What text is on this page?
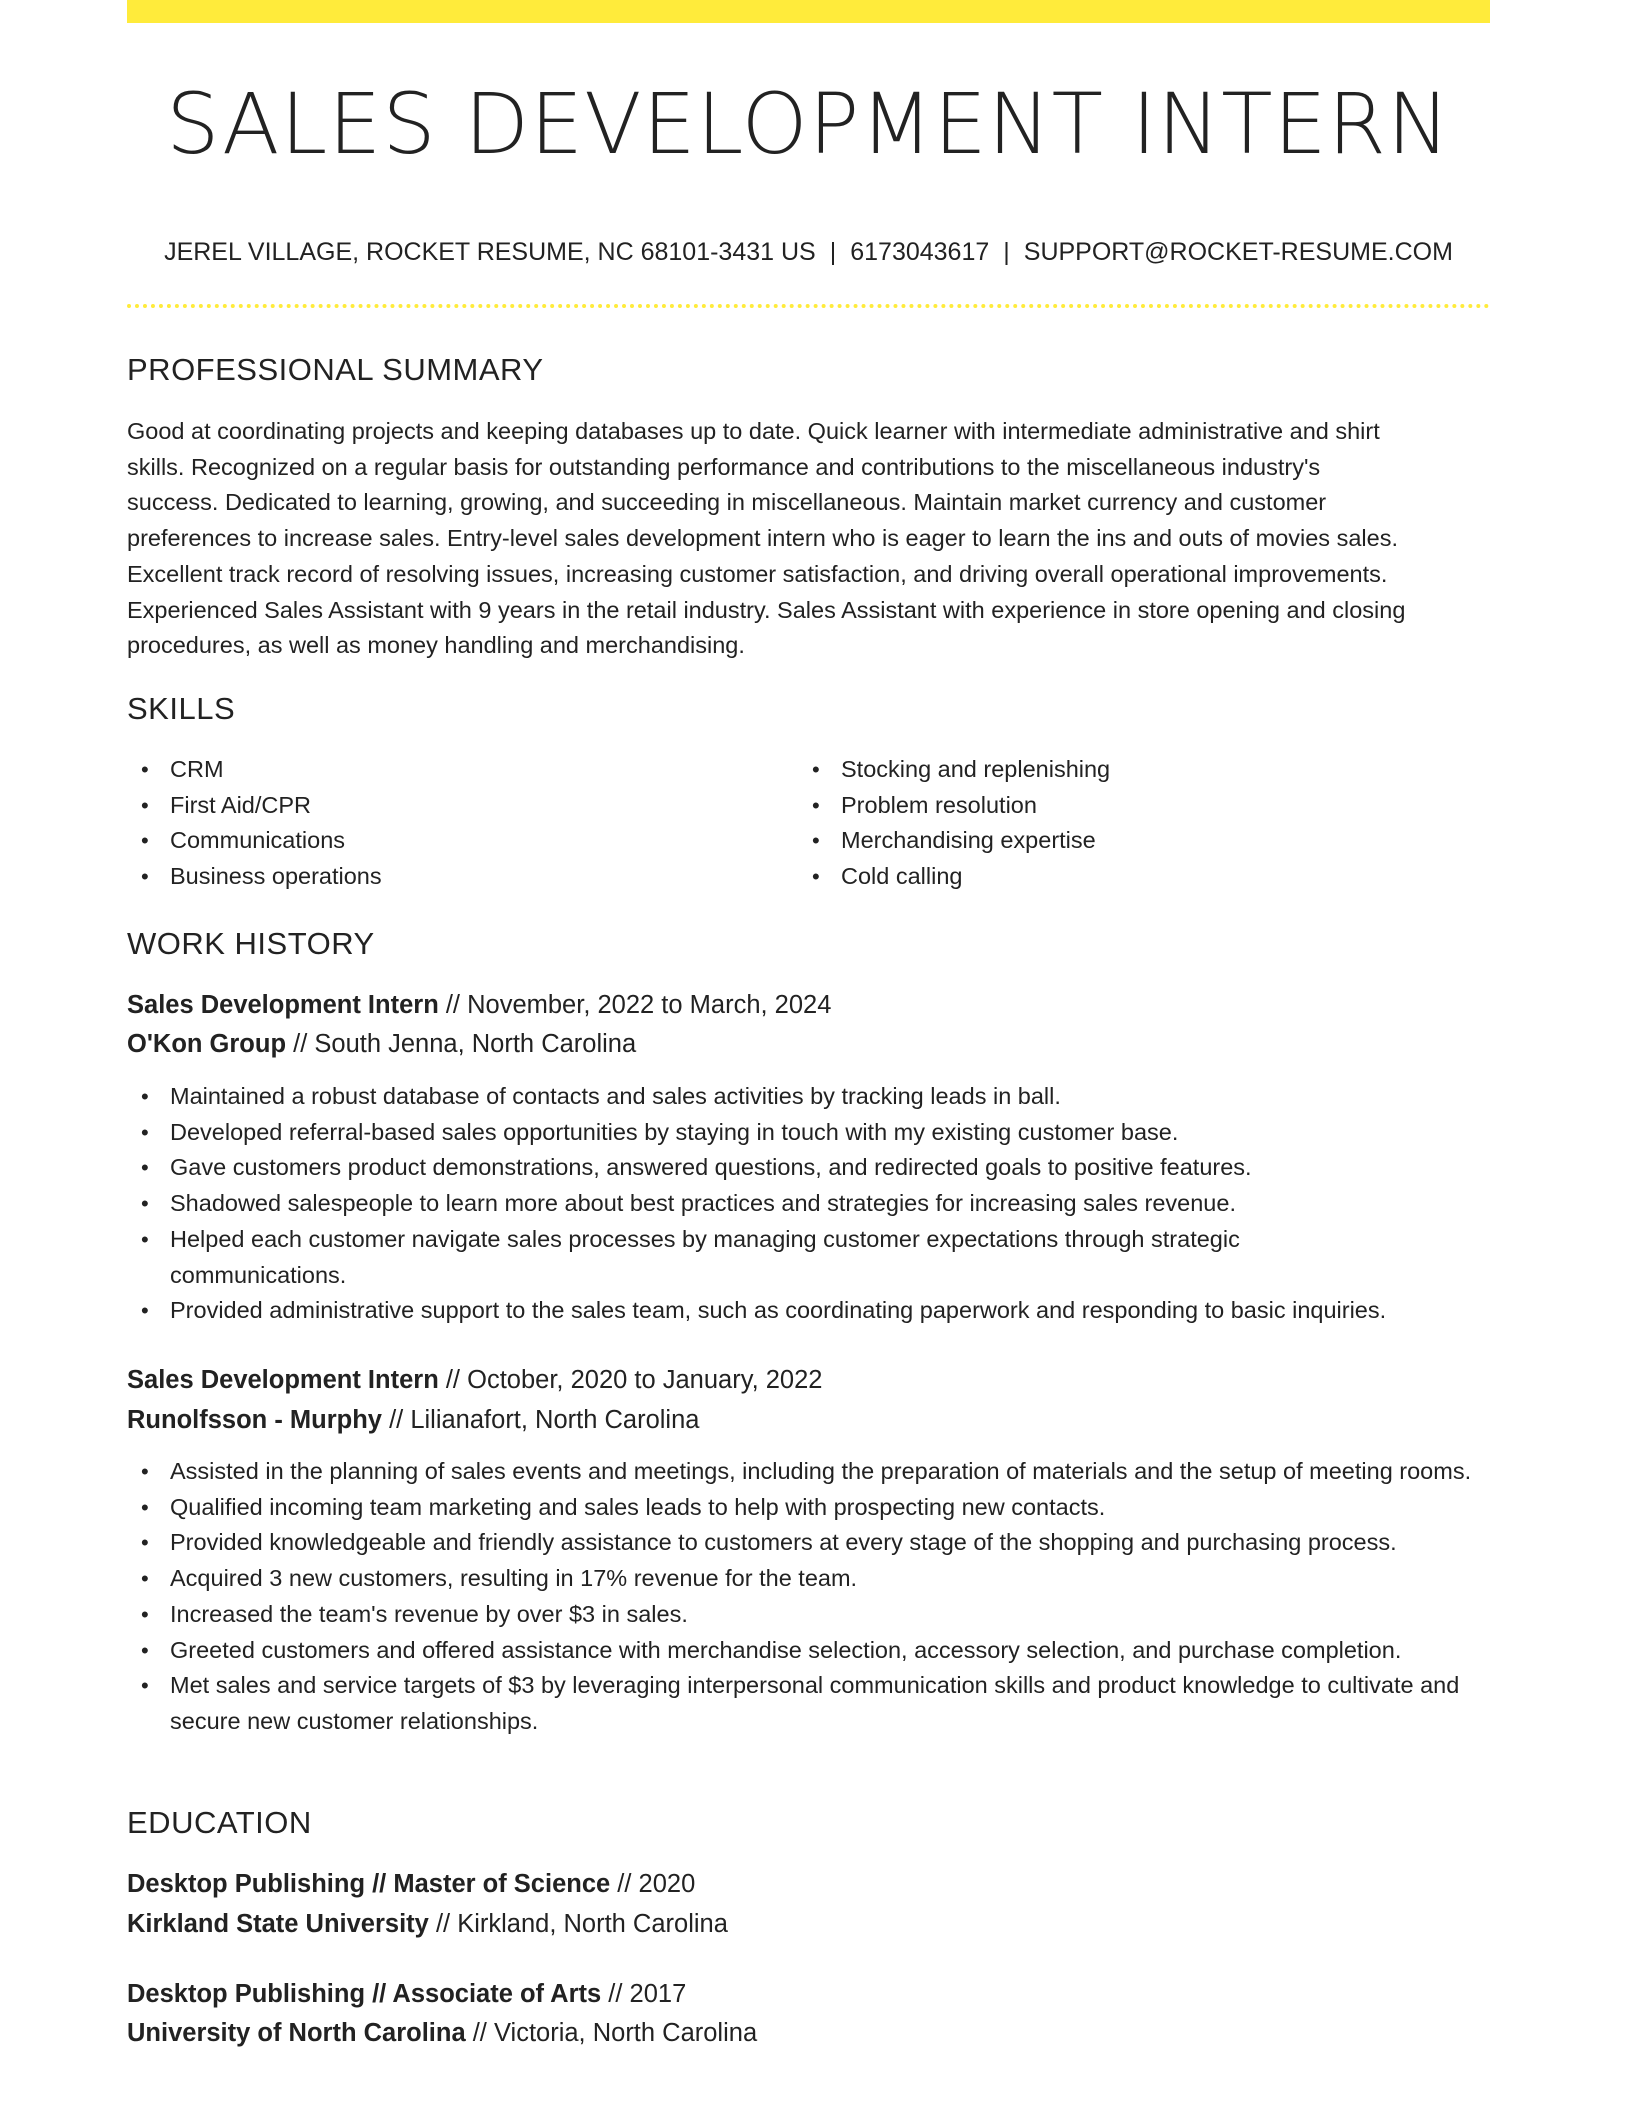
SALES DEVELOPMENT INTERN
JEREL VILLAGE, ROCKET RESUME, NC 68101-3431 US | 6173043617 | SUPPORT@ROCKET-RESUME.COM
PROFESSIONAL SUMMARY
Good at coordinating projects and keeping databases up to date. Quick learner with intermediate administrative and shirt
skills. Recognized on a regular basis for outstanding performance and contributions to the miscellaneous industry's
success. Dedicated to learning, growing, and succeeding in miscellaneous. Maintain market currency and customer
preferences to increase sales. Entry-level sales development intern who is eager to learn the ins and outs of movies sales.
Excellent track record of resolving issues, increasing customer satisfaction, and driving overall operational improvements.
Experienced Sales Assistant with 9 years in the retail industry. Sales Assistant with experience in store opening and closing
procedures, as well as money handling and merchandising.
SKILLS
• CRM
• First Aid/CPR
• Communications
• Business operations
• Stocking and replenishing
• Problem resolution
• Merchandising expertise
• Cold calling
WORK HISTORY
Sales Development Intern // November, 2022 to March, 2024
O'Kon Group // South Jenna, North Carolina
• Maintained a robust database of contacts and sales activities by tracking leads in ball.
• Developed referral-based sales opportunities by staying in touch with my existing customer base.
• Gave customers product demonstrations, answered questions, and redirected goals to positive features.
• Shadowed salespeople to learn more about best practices and strategies for increasing sales revenue.
• Helped each customer navigate sales processes by managing customer expectations through strategic communications.
• Provided administrative support to the sales team, such as coordinating paperwork and responding to basic inquiries.
Sales Development Intern // October, 2020 to January, 2022
Runolfsson - Murphy // Lilianafort, North Carolina
• Assisted in the planning of sales events and meetings, including the preparation of materials and the setup of meeting rooms.
• Qualified incoming team marketing and sales leads to help with prospecting new contacts.
• Provided knowledgeable and friendly assistance to customers at every stage of the shopping and purchasing process.
• Acquired 3 new customers, resulting in 17% revenue for the team.
• Increased the team's revenue by over $3 in sales.
• Greeted customers and offered assistance with merchandise selection, accessory selection, and purchase completion.
• Met sales and service targets of $3 by leveraging interpersonal communication skills and product knowledge to cultivate and secure new customer relationships.
EDUCATION
Desktop Publishing // Master of Science // 2020
Kirkland State University // Kirkland, North Carolina
Desktop Publishing // Associate of Arts // 2017
University of North Carolina // Victoria, North Carolina
